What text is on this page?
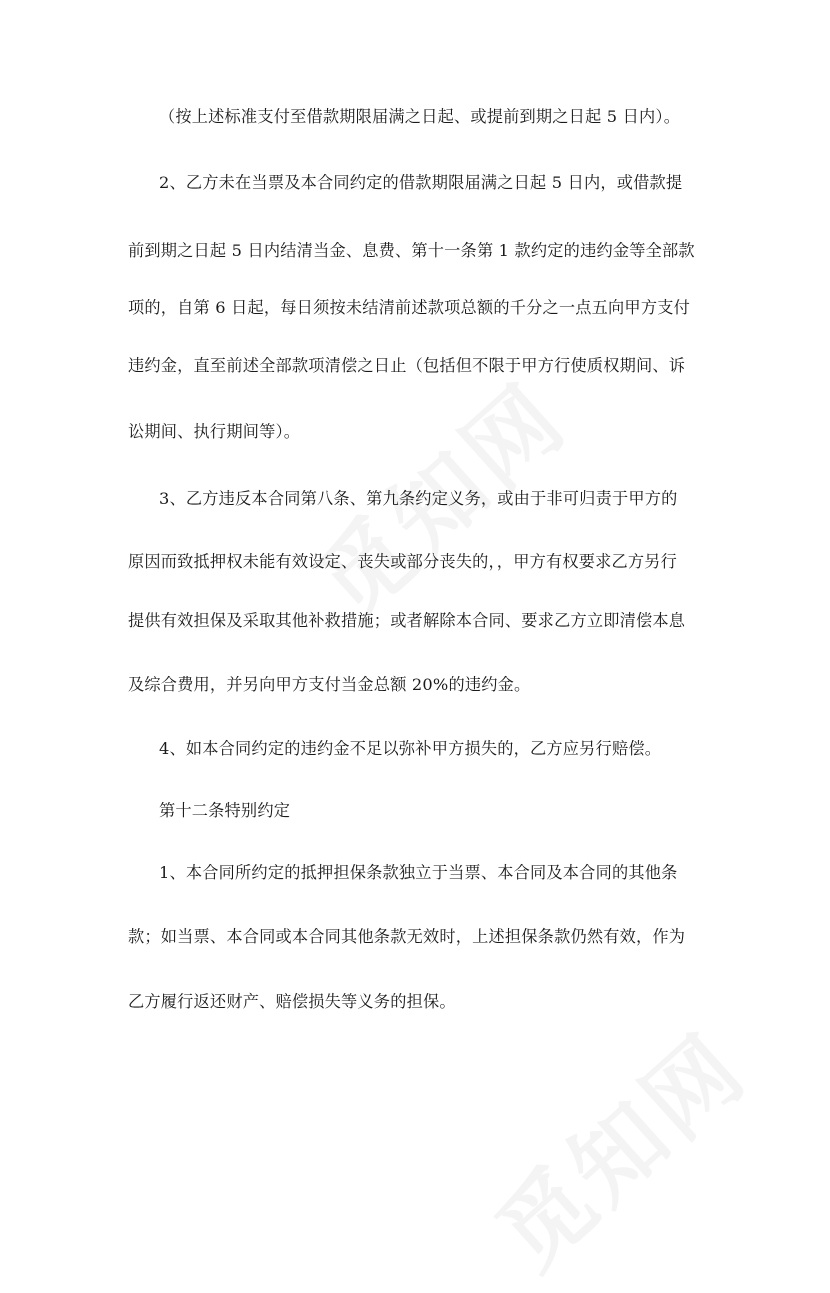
（按上述标准支付至借款期限届满之日起、或提前到期之日起 5 日内）。
2、乙方未在当票及本合同约定的借款期限届满之日起 5 日内，或借款提
前到期之日起 5 日内结清当金、息费、第十一条第 1 款约定的违约金等全部款
项的，自第 6 日起，每日须按未结清前述款项总额的千分之一点五向甲方支付
违约金，直至前述全部款项清偿之日止（包括但不限于甲方行使质权期间、诉
讼期间、执行期间等）。
3、乙方违反本合同第八条、第九条约定义务，或由于非可归责于甲方的
原因而致抵押权未能有效设定、丧失或部分丧失的，，甲方有权要求乙方另行
提供有效担保及采取其他补救措施；或者解除本合同、要求乙方立即清偿本息
及综合费用，并另向甲方支付当金总额 20%的违约金。
4、如本合同约定的违约金不足以弥补甲方损失的，乙方应另行赔偿。
第十二条特别约定
1、本合同所约定的抵押担保条款独立于当票、本合同及本合同的其他条
款；如当票、本合同或本合同其他条款无效时，上述担保条款仍然有效，作为
乙方履行返还财产、赔偿损失等义务的担保。
